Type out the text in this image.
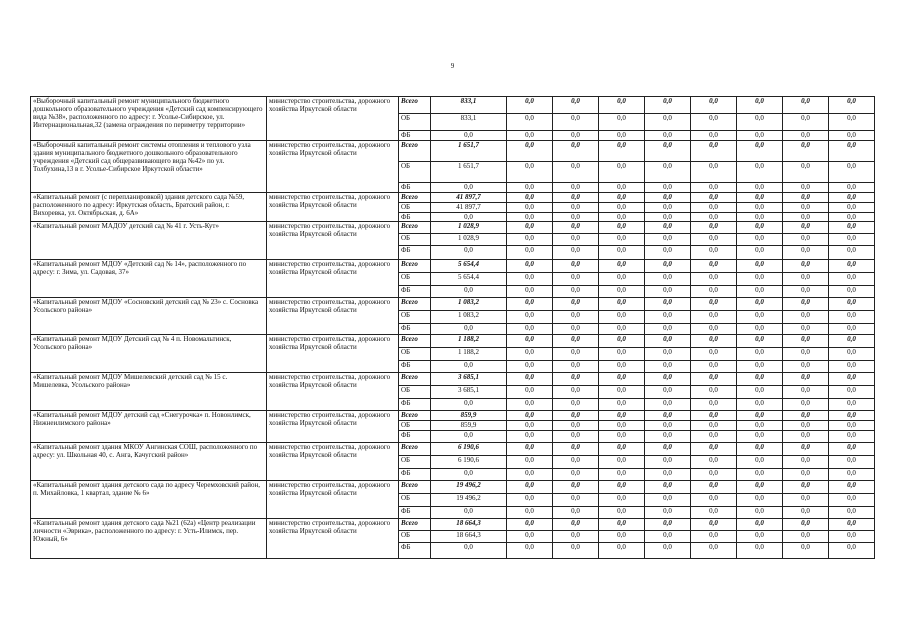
9
«Выборочный капитальный ремонт муниципального бюджетного дошкольного образовательного учреждения «Детский сад компенсирующего вида №38», расположенного по адресу: г. Усолье-Сибирское, ул. Интернациональная,32 (замена ограждения по периметру территории»	министерство строительства, дорожного хозяйства Иркутской области	Всего	833,1	0,0	0,0	0,0	0,0	0,0	0,0	0,0	0,0
		ОБ	833,1	0,0	0,0	0,0	0,0	0,0	0,0	0,0	0,0
		ФБ	0,0	0,0	0,0	0,0	0,0	0,0	0,0	0,0	0,0
«Выборочный капитальный ремонт системы отопления и теплового узла здания муниципального бюджетного дошкольного образовательного учреждения «Детский сад общеразвивающего вида №42» по ул. Толбухина,13 в г. Усолье-Сибирское Иркутской области»	министерство строительства, дорожного хозяйства Иркутской области	Всего	1 651,7	0,0	0,0	0,0	0,0	0,0	0,0	0,0	0,0
		ОБ	1 651,7	0,0	0,0	0,0	0,0	0,0	0,0	0,0	0,0
		ФБ	0,0	0,0	0,0	0,0	0,0	0,0	0,0	0,0	0,0
«Капитальный ремонт (с перепланировкой) здания детского сада №59, расположенного по адресу: Иркутская область, Братский район, г. Вихоревка, ул. Октябрьская, д. 6А»	министерство строительства, дорожного хозяйства Иркутской области	Всего	41 897,7	0,0	0,0	0,0	0,0	0,0	0,0	0,0	0,0
		ОБ	41 897,7	0,0	0,0	0,0	0,0	0,0	0,0	0,0	0,0
		ФБ	0,0	0,0	0,0	0,0	0,0	0,0	0,0	0,0	0,0
«Капитальный ремонт МАДОУ детский сад № 41 г. Усть-Кут»	министерство строительства, дорожного хозяйства Иркутской области	Всего	1 028,9	0,0	0,0	0,0	0,0	0,0	0,0	0,0	0,0
		ОБ	1 028,9	0,0	0,0	0,0	0,0	0,0	0,0	0,0	0,0
		ФБ	0,0	0,0	0,0	0,0	0,0	0,0	0,0	0,0	0,0
«Капитальный ремонт МДОУ «Детский сад № 14», расположенного по адресу: г. Зима, ул. Садовая, 37»	министерство строительства, дорожного хозяйства Иркутской области	Всего	5 654,4	0,0	0,0	0,0	0,0	0,0	0,0	0,0	0,0
		ОБ	5 654,4	0,0	0,0	0,0	0,0	0,0	0,0	0,0	0,0
		ФБ	0,0	0,0	0,0	0,0	0,0	0,0	0,0	0,0	0,0
«Капитальный ремонт МДОУ «Сосновский детский сад № 23» с. Сосновка Усольского района»	министерство строительства, дорожного хозяйства Иркутской области	Всего	1 083,2	0,0	0,0	0,0	0,0	0,0	0,0	0,0	0,0
		ОБ	1 083,2	0,0	0,0	0,0	0,0	0,0	0,0	0,0	0,0
		ФБ	0,0	0,0	0,0	0,0	0,0	0,0	0,0	0,0	0,0
«Капитальный ремонт МДОУ Детский сад № 4 п. Новомальтинск, Усольского района»	министерство строительства, дорожного хозяйства Иркутской области	Всего	1 188,2	0,0	0,0	0,0	0,0	0,0	0,0	0,0	0,0
		ОБ	1 188,2	0,0	0,0	0,0	0,0	0,0	0,0	0,0	0,0
		ФБ	0,0	0,0	0,0	0,0	0,0	0,0	0,0	0,0	0,0
«Капитальный ремонт МДОУ Мишелевский детский сад № 15 с. Мишелевка, Усольского района»	министерство строительства, дорожного хозяйства Иркутской области	Всего	3 685,1	0,0	0,0	0,0	0,0	0,0	0,0	0,0	0,0
		ОБ	3 685,1	0,0	0,0	0,0	0,0	0,0	0,0	0,0	0,0
		ФБ	0,0	0,0	0,0	0,0	0,0	0,0	0,0	0,0	0,0
«Капитальный ремонт МДОУ детский сад «Снегурочка» п. Новонлимск, Нижнеилимского района»	министерство строительства, дорожного хозяйства Иркутской области	Всего	859,9	0,0	0,0	0,0	0,0	0,0	0,0	0,0	0,0
		ОБ	859,9	0,0	0,0	0,0	0,0	0,0	0,0	0,0	0,0
		ФБ	0,0	0,0	0,0	0,0	0,0	0,0	0,0	0,0	0,0
«Капитальный ремонт здания МКОУ Ангинская СОШ, расположенного по адресу: ул. Школьная 40, с. Анга, Качугский район»	министерство строительства, дорожного хозяйства Иркутской области	Всего	6 190,6	0,0	0,0	0,0	0,0	0,0	0,0	0,0	0,0
		ОБ	6 190,6	0,0	0,0	0,0	0,0	0,0	0,0	0,0	0,0
		ФБ	0,0	0,0	0,0	0,0	0,0	0,0	0,0	0,0	0,0
«Капитальный ремонт здания детского сада по адресу Черемховский район, п. Михайловка, 1 квартал, здание № 6»	министерство строительства, дорожного хозяйства Иркутской области	Всего	19 496,2	0,0	0,0	0,0	0,0	0,0	0,0	0,0	0,0
		ОБ	19 496,2	0,0	0,0	0,0	0,0	0,0	0,0	0,0	0,0
		ФБ	0,0	0,0	0,0	0,0	0,0	0,0	0,0	0,0	0,0
«Капитальный ремонт здания детского сада №21 (62а) «Центр реализации личности «Эврика», расположенного по адресу: г. Усть-Илимск, пер. Южный, 6»	министерство строительства, дорожного хозяйства Иркутской области	Всего	18 664,3	0,0	0,0	0,0	0,0	0,0	0,0	0,0	0,0
		ОБ	18 664,3	0,0	0,0	0,0	0,0	0,0	0,0	0,0	0,0
		ФБ	0,0	0,0	0,0	0,0	0,0	0,0	0,0	0,0	0,0
